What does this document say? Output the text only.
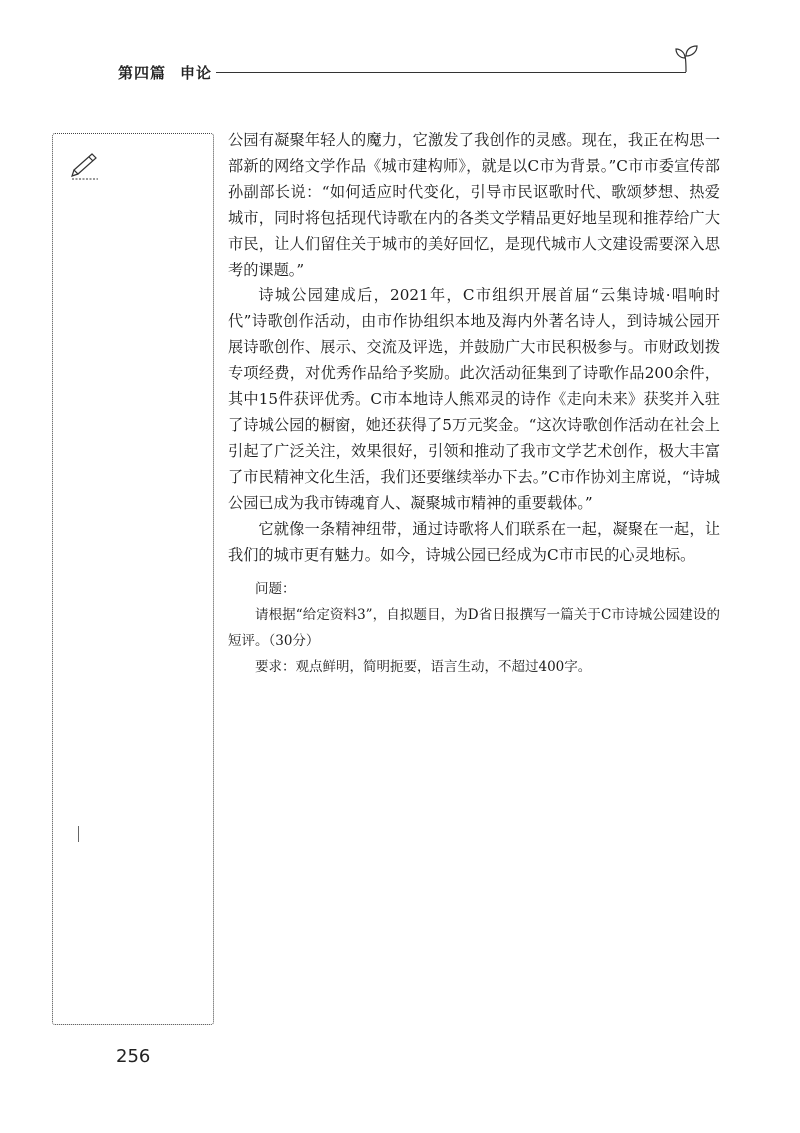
第四篇 申论

公园有凝聚年轻人的魔力，它激发了我创作的灵感。现在，我正在构思一部新的网络文学作品《城市建构师》，就是以C市为背景。”C市市委宣传部孙副部长说：“如何适应时代变化，引导市民讴歌时代、歌颂梦想、热爱城市，同时将包括现代诗歌在内的各类文学精品更好地呈现和推荐给广大市民，让人们留住关于城市的美好回忆，是现代城市人文建设需要深入思考的课题。”

诗城公园建成后，2021年，C市组织开展首届“云集诗城·唱响时代”诗歌创作活动，由市作协组织本地及海内外著名诗人，到诗城公园开展诗歌创作、展示、交流及评选，并鼓励广大市民积极参与。市财政划拨专项经费，对优秀作品给予奖励。此次活动征集到了诗歌作品200余件，其中15件获评优秀。C市本地诗人熊邓灵的诗作《走向未来》获奖并入驻了诗城公园的橱窗，她还获得了5万元奖金。“这次诗歌创作活动在社会上引起了广泛关注，效果很好，引领和推动了我市文学艺术创作，极大丰富了市民精神文化生活，我们还要继续举办下去。”C市作协刘主席说，“诗城公园已成为我市铸魂育人、凝聚城市精神的重要载体。”

它就像一条精神纽带，通过诗歌将人们联系在一起，凝聚在一起，让我们的城市更有魅力。如今，诗城公园已经成为C市市民的心灵地标。

问题：
请根据“给定资料3”，自拟题目，为D省日报撰写一篇关于C市诗城公园建设的短评。（30分）
要求：观点鲜明，简明扼要，语言生动，不超过400字。
256
